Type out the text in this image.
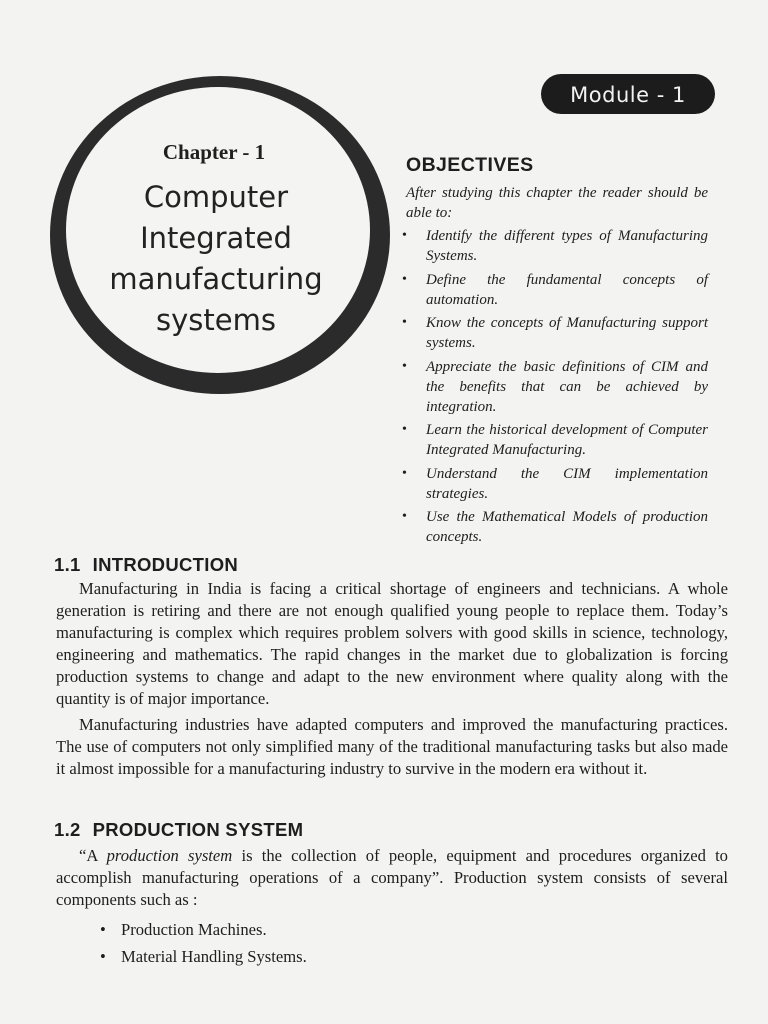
Module - 1
Chapter - 1
Computer
Integrated
manufacturing
systems
OBJECTIVES
After studying this chapter the reader should be able to:
• Identify the different types of Manufacturing Systems.
• Define the fundamental concepts of automation.
• Know the concepts of Manufacturing support systems.
• Appreciate the basic definitions of CIM and the benefits that can be achieved by integration.
• Learn the historical development of Computer Integrated Manufacturing.
• Understand the CIM implementation strategies.
• Use the Mathematical Models of production concepts.
1.1 INTRODUCTION
Manufacturing in India is facing a critical shortage of engineers and technicians. A whole generation is retiring and there are not enough qualified young people to replace them. Today’s manufacturing is complex which requires problem solvers with good skills in science, technology, engineering and mathematics. The rapid changes in the market due to globalization is forcing production systems to change and adapt to the new environment where quality along with the quantity is of major importance.
Manufacturing industries have adapted computers and improved the manufacturing practices. The use of computers not only simplified many of the traditional manufacturing tasks but also made it almost impossible for a manufacturing industry to survive in the modern era without it.
1.2 PRODUCTION SYSTEM
“A production system is the collection of people, equipment and procedures organized to accomplish manufacturing operations of a company”. Production system consists of several components such as :
• Production Machines.
• Material Handling Systems.
